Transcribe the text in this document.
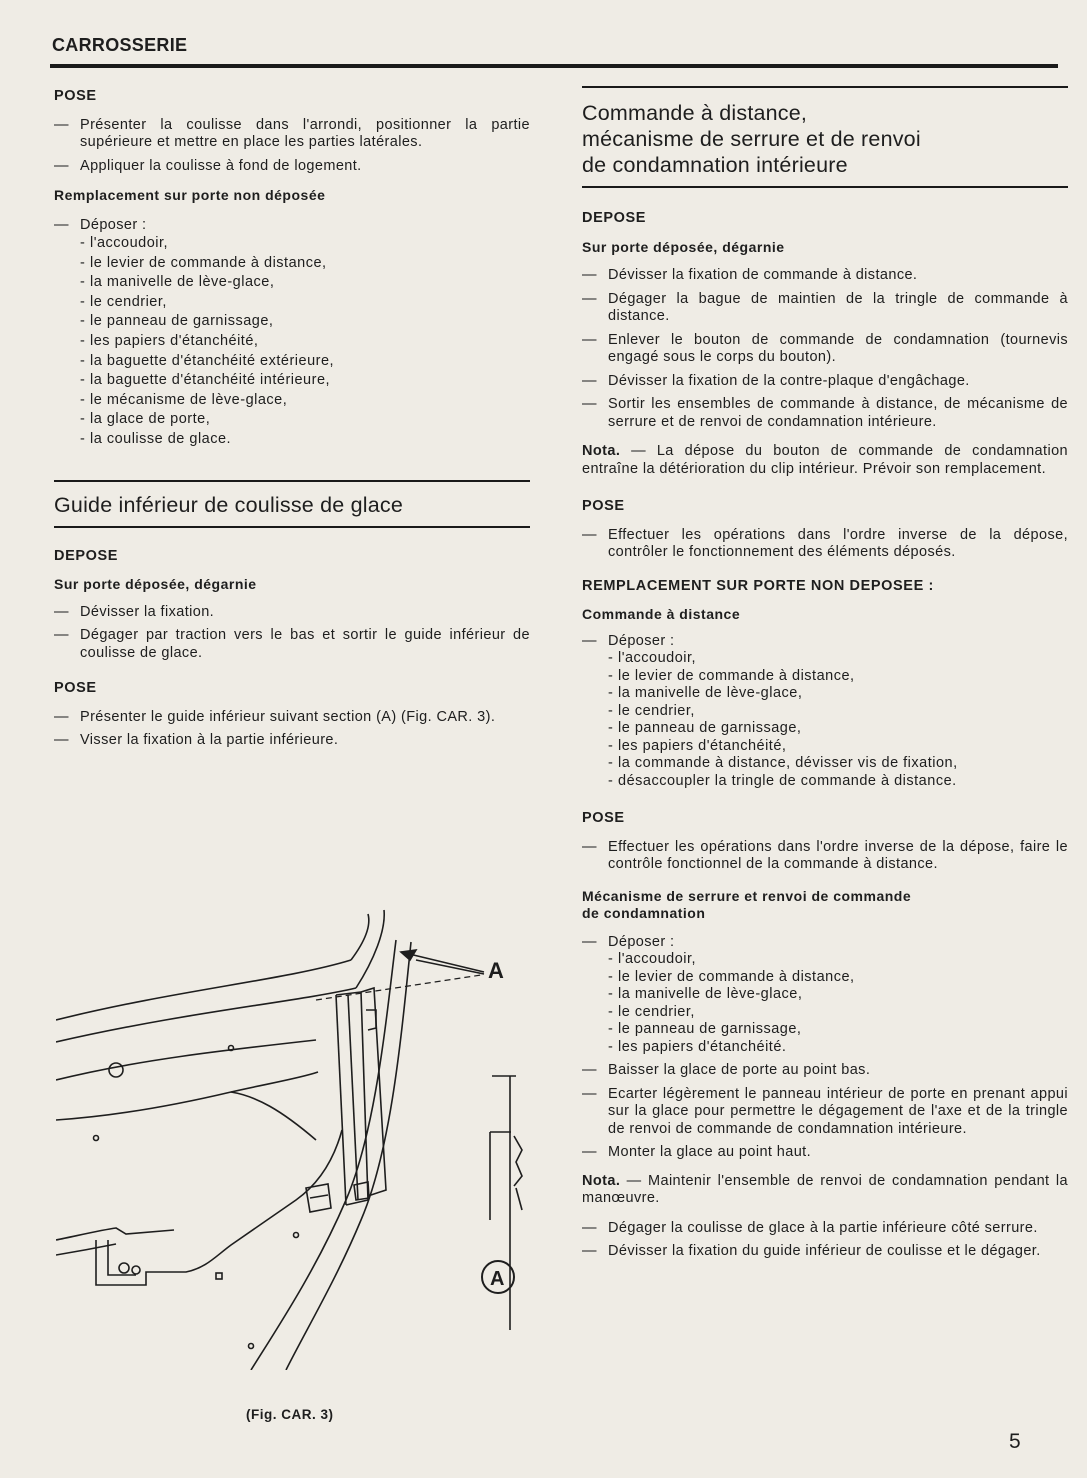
CARROSSERIE
POSE
— Présenter la coulisse dans l'arrondi, positionner la partie supérieure et mettre en place les parties latérales.
— Appliquer la coulisse à fond de logement.
Remplacement sur porte non déposée
— Déposer :
- l'accoudoir,
- le levier de commande à distance,
- la manivelle de lève-glace,
- le cendrier,
- le panneau de garnissage,
- les papiers d'étanchéité,
- la baguette d'étanchéité extérieure,
- la baguette d'étanchéité intérieure,
- le mécanisme de lève-glace,
- la glace de porte,
- la coulisse de glace.
Guide inférieur de coulisse de glace
DEPOSE
Sur porte déposée, dégarnie
— Dévisser la fixation.
— Dégager par traction vers le bas et sortir le guide inférieur de coulisse de glace.
POSE
— Présenter le guide inférieur suivant section (A) (Fig. CAR. 3).
— Visser la fixation à la partie inférieure.
A
A
(Fig. CAR. 3)
Commande à distance,
mécanisme de serrure et de renvoi
de condamnation intérieure
DEPOSE
Sur porte déposée, dégarnie
— Dévisser la fixation de commande à distance.
— Dégager la bague de maintien de la tringle de commande à distance.
— Enlever le bouton de commande de condamnation (tournevis engagé sous le corps du bouton).
— Dévisser la fixation de la contre-plaque d'engâchage.
— Sortir les ensembles de commande à distance, de mécanisme de serrure et de renvoi de condamnation intérieure.
Nota. — La dépose du bouton de commande de condamnation entraîne la détérioration du clip intérieur. Prévoir son remplacement.
POSE
— Effectuer les opérations dans l'ordre inverse de la dépose, contrôler le fonctionnement des éléments déposés.
REMPLACEMENT SUR PORTE NON DEPOSEE :
Commande à distance
— Déposer :
- l'accoudoir,
- le levier de commande à distance,
- la manivelle de lève-glace,
- le cendrier,
- le panneau de garnissage,
- les papiers d'étanchéité,
- la commande à distance, dévisser vis de fixation,
- désaccoupler la tringle de commande à distance.
POSE
— Effectuer les opérations dans l'ordre inverse de la dépose, faire le contrôle fonctionnel de la commande à distance.
Mécanisme de serrure et renvoi de commande
de condamnation
— Déposer :
- l'accoudoir,
- le levier de commande à distance,
- la manivelle de lève-glace,
- le cendrier,
- le panneau de garnissage,
- les papiers d'étanchéité.
— Baisser la glace de porte au point bas.
— Ecarter légèrement le panneau intérieur de porte en prenant appui sur la glace pour permettre le dégagement de l'axe et de la tringle de renvoi de commande de condamnation intérieure.
— Monter la glace au point haut.
Nota. — Maintenir l'ensemble de renvoi de condamnation pendant la manœuvre.
— Dégager la coulisse de glace à la partie inférieure côté serrure.
— Dévisser la fixation du guide inférieur de coulisse et le dégager.
5
